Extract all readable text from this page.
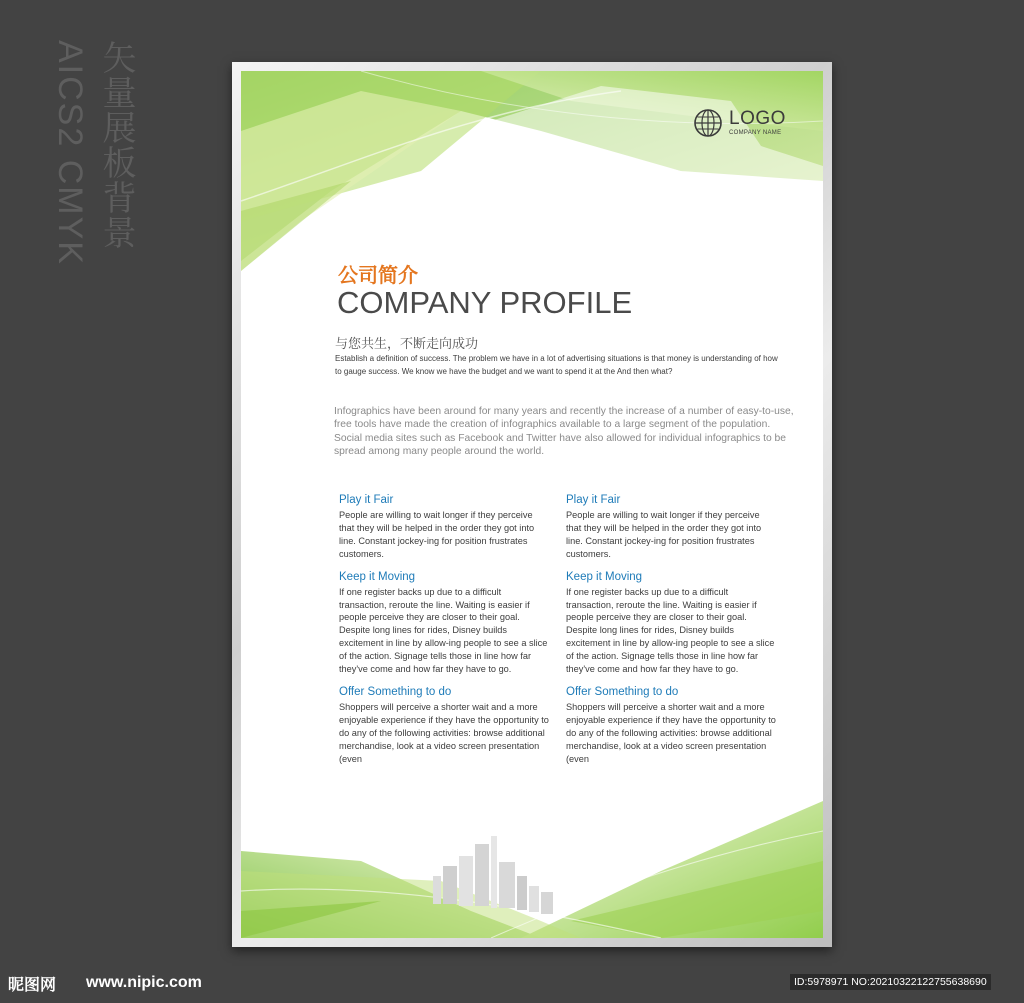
矢量展板背景
AICS2 CMYK	LOGO
COMPANY NAME
公司简介
COMPANY PROFILE
与您共生，不断走向成功
Establish a definition of success. The problem we have in a lot of advertising situations is that money is understanding of how to gauge success. We know we have the budget and we want to spend it at the And then what?
Infographics have been around for many years and recently the increase of a number of easy-to-use, free tools have made the creation of infographics available to a large segment of the population. Social media sites such as Facebook and Twitter have also allowed for individual infographics to be spread among many people around the world.
Play it Fair
People are willing to wait longer if they perceive that they will be helped in the order they got into line. Constant jockey-ing for position frustrates customers.
Keep it Moving
If one register backs up due to a difficult transaction, reroute the line. Waiting is easier if people perceive they are closer to their goal. Despite long lines for rides, Disney builds excitement in line by allow-ing people to see a slice of the action. Signage tells those in line how far they've come and how far they have to go.
Offer Something to do
Shoppers will perceive a shorter wait and a more enjoyable experience if they have the opportunity to do any of the following activities: browse additional merchandise, look at a video screen presentation (even
Play it Fair
People are willing to wait longer if they perceive that they will be helped in the order they got into line. Constant jockey-ing for position frustrates customers.
Keep it Moving
If one register backs up due to a difficult transaction, reroute the line. Waiting is easier if people perceive they are closer to their goal. Despite long lines for rides, Disney builds excitement in line by allow-ing people to see a slice of the action. Signage tells those in line how far they've come and how far they have to go.
Offer Something to do
Shoppers will perceive a shorter wait and a more enjoyable experience if they have the opportunity to do any of the following activities: browse additional merchandise, look at a video screen presentation (even
昵图网 www.nipic.com	ID:5978971 NO:20210322122755638690
